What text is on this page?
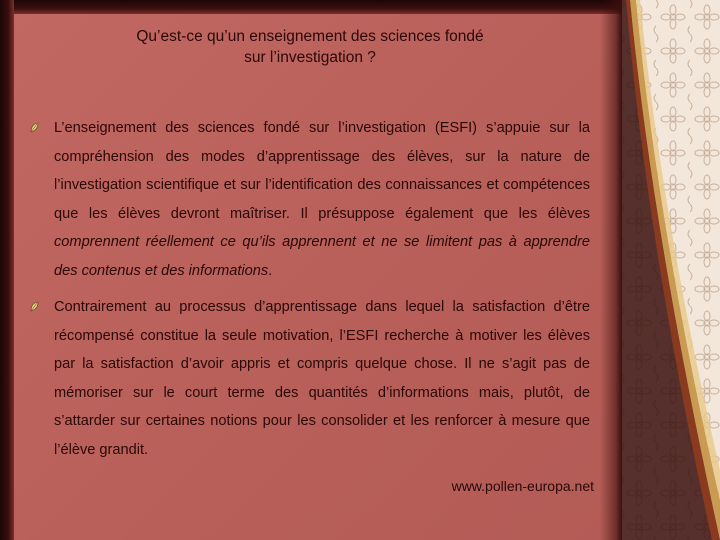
Qu’est-ce qu’un enseignement des sciences fondé
sur l’investigation ?
L’enseignement des sciences fondé sur l’investigation (ESFI) s’appuie sur la compréhension des modes d’apprentissage des élèves, sur la nature de l’investigation scientifique et sur l’identification des connaissances et compétences que les élèves devront maîtriser. Il présuppose également que les élèves comprennent réellement ce qu’ils apprennent et ne se limitent pas à apprendre des contenus et des informations.
Contrairement au processus d’apprentissage dans lequel la satisfaction d’être récompensé constitue la seule motivation, l’ESFI recherche à motiver les élèves par la satisfaction d’avoir appris et compris quelque chose. Il ne s’agit pas de mémoriser sur le court terme des quantités d’informations mais, plutôt, de s’attarder sur certaines notions pour les consolider et les renforcer à mesure que l’élève grandit.
www.pollen-europa.net
